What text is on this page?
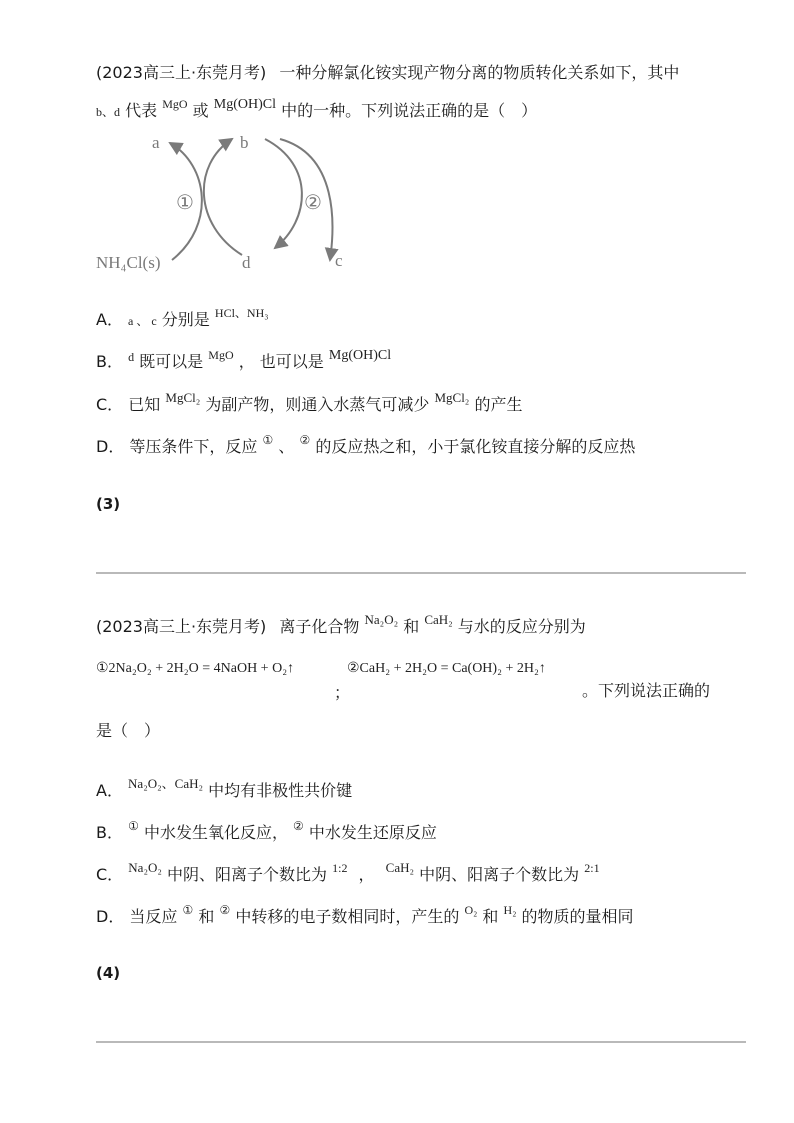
(2023高三上·东莞月考) 一种分解氯化铵实现产物分离的物质转化关系如下，其中
b、d 代表 $^{MgO}$ 或 Mg(OH)Cl 中的一种。下列说法正确的是（　）
a	b
c
d
NH₄Cl(s)
①	②
A． a 、 c 分别是 $^{HCl、NH_3}$
B． $^d$ 既可以是 $^{MgO}$ ， 也可以是 Mg(OH)Cl
C． 已知 $^{MgCl_2}$ 为副产物，则通入水蒸气可减少 $^{MgCl_2}$ 的产生
D． 等压条件下，反应 ① 、 ② 的反应热之和，小于氯化铵直接分解的反应热
(3)
(2023高三上·东莞月考) 离子化合物 $^{Na_2O_2}$ 和 $^{CaH_2}$ 与水的反应分别为
①2Na₂O₂ + 2H₂O = 4NaOH + O₂↑
；
②CaH₂ + 2H₂O = Ca(OH)₂ + 2H₂↑
。下列说法正确的
是（　）
A． $^{Na_2O_2、CaH_2}$ 中均有非极性共价键
B． ① 中水发生氧化反应， ② 中水发生还原反应
C． $^{Na_2O_2}$ 中阴、阳离子个数比为 $^{1:2}$ ， $^{CaH_2}$ 中阴、阳离子个数比为 $^{2:1}$
D． 当反应 ① 和 ② 中转移的电子数相同时，产生的 $^{O_2}$ 和 $^{H_2}$ 的物质的量相同
(4)
